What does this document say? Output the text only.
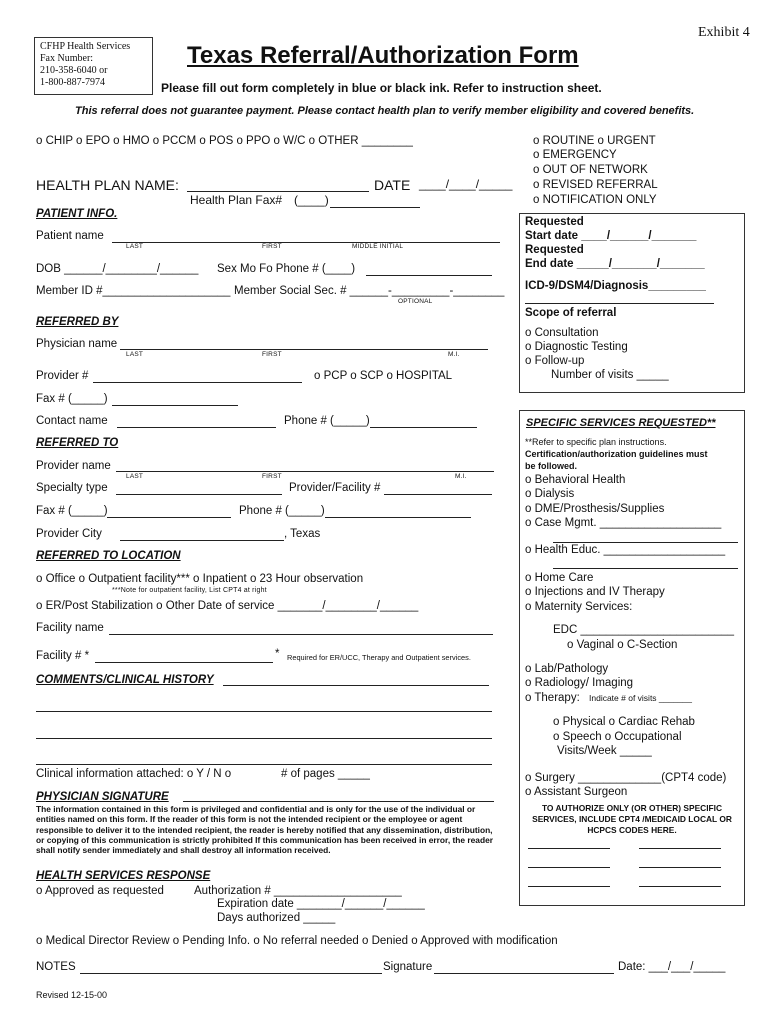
Exhibit 4
CFHP Health Services
Fax Number:
210-358-6040 or
1-800-887-7974
Texas Referral/Authorization Form
Please fill out form completely in blue or black ink. Refer to instruction sheet.
This referral does not guarantee payment. Please contact health plan to verify member eligibility and covered benefits.
o CHIP o EPO o HMO o PCCM o POS o PPO o W/C o OTHER ________
HEALTH PLAN NAME:	DATE ____/____/_____
Health Plan Fax# (____)
o ROUTINE o URGENT
o EMERGENCY
o OUT OF NETWORK
o REVISED REFERRAL
o NOTIFICATION ONLY
PATIENT INFO.
Patient name
LAST	FIRST	MIDDLE INITIAL
DOB ______/________/______ Sex Mo Fo Phone # (____)
Member ID #____________________ Member Social Sec. # ______-_________-________
OPTIONAL
REFERRED BY
Physician name
LAST	FIRST	M.I.
Provider #	o PCP o SCP o HOSPITAL
Fax # (_____)
Contact name	Phone # (_____)
REFERRED TO
Provider name
LAST	FIRST	M.I.
Specialty type	Provider/Facility #
Fax # (_____)	Phone # (_____)
Provider City	, Texas
REFERRED TO LOCATION
o Office o Outpatient facility*** o Inpatient o 23 Hour observation
***Note for outpatient facility, List CPT4 at right
o ER/Post Stabilization o Other Date of service _______/________/______
Facility name
Facility # *	* Required for ER/UCC, Therapy and Outpatient services.
COMMENTS/CLINICAL HISTORY
Clinical information attached: o Y / N o	# of pages _____
PHYSICIAN SIGNATURE
The information contained in this form is privileged and confidential and is only for the use of the individual or entities named on this form. If the reader of this form is not the intended recipient or the employee or agent responsible to deliver it to the intended recipient, the reader is hereby notified that any dissemination, distribution, or copying of this communication is strictly prohibited If this communication has been received in error, the reader shall notify sender immediately and shall destroy all information received.
HEALTH SERVICES RESPONSE
o Approved as requested	Authorization # ____________________
Expiration date _______/______/______
Days authorized _____
o Medical Director Review o Pending Info. o No referral needed o Denied o Approved with modification
NOTES	Signature	Date: ___/___/_____
Revised 12-15-00
Requested
Start date ____/______/_______
Requested
End date _____/_______/_______
ICD-9/DSM4/Diagnosis_________
Scope of referral
o Consultation
o Diagnostic Testing
o Follow-up
Number of visits _____
SPECIFIC SERVICES REQUESTED**
**Refer to specific plan instructions.
Certification/authorization guidelines must
be followed.
o Behavioral Health
o Dialysis
o DME/Prosthesis/Supplies
o Case Mgmt. ___________________
o Health Educ. ___________________
o Home Care
o Injections and IV Therapy
o Maternity Services:
EDC ________________________
o Vaginal o C-Section
o Lab/Pathology
o Radiology/ Imaging
o Therapy: Indicate # of visits _______
o Physical o Cardiac Rehab
o Speech o Occupational
Visits/Week _____
o Surgery _____________(CPT4 code)
o Assistant Surgeon
TO AUTHORIZE ONLY (OR OTHER) SPECIFIC
SERVICES, INCLUDE CPT4 /MEDICAID LOCAL OR
HCPCS CODES HERE.
